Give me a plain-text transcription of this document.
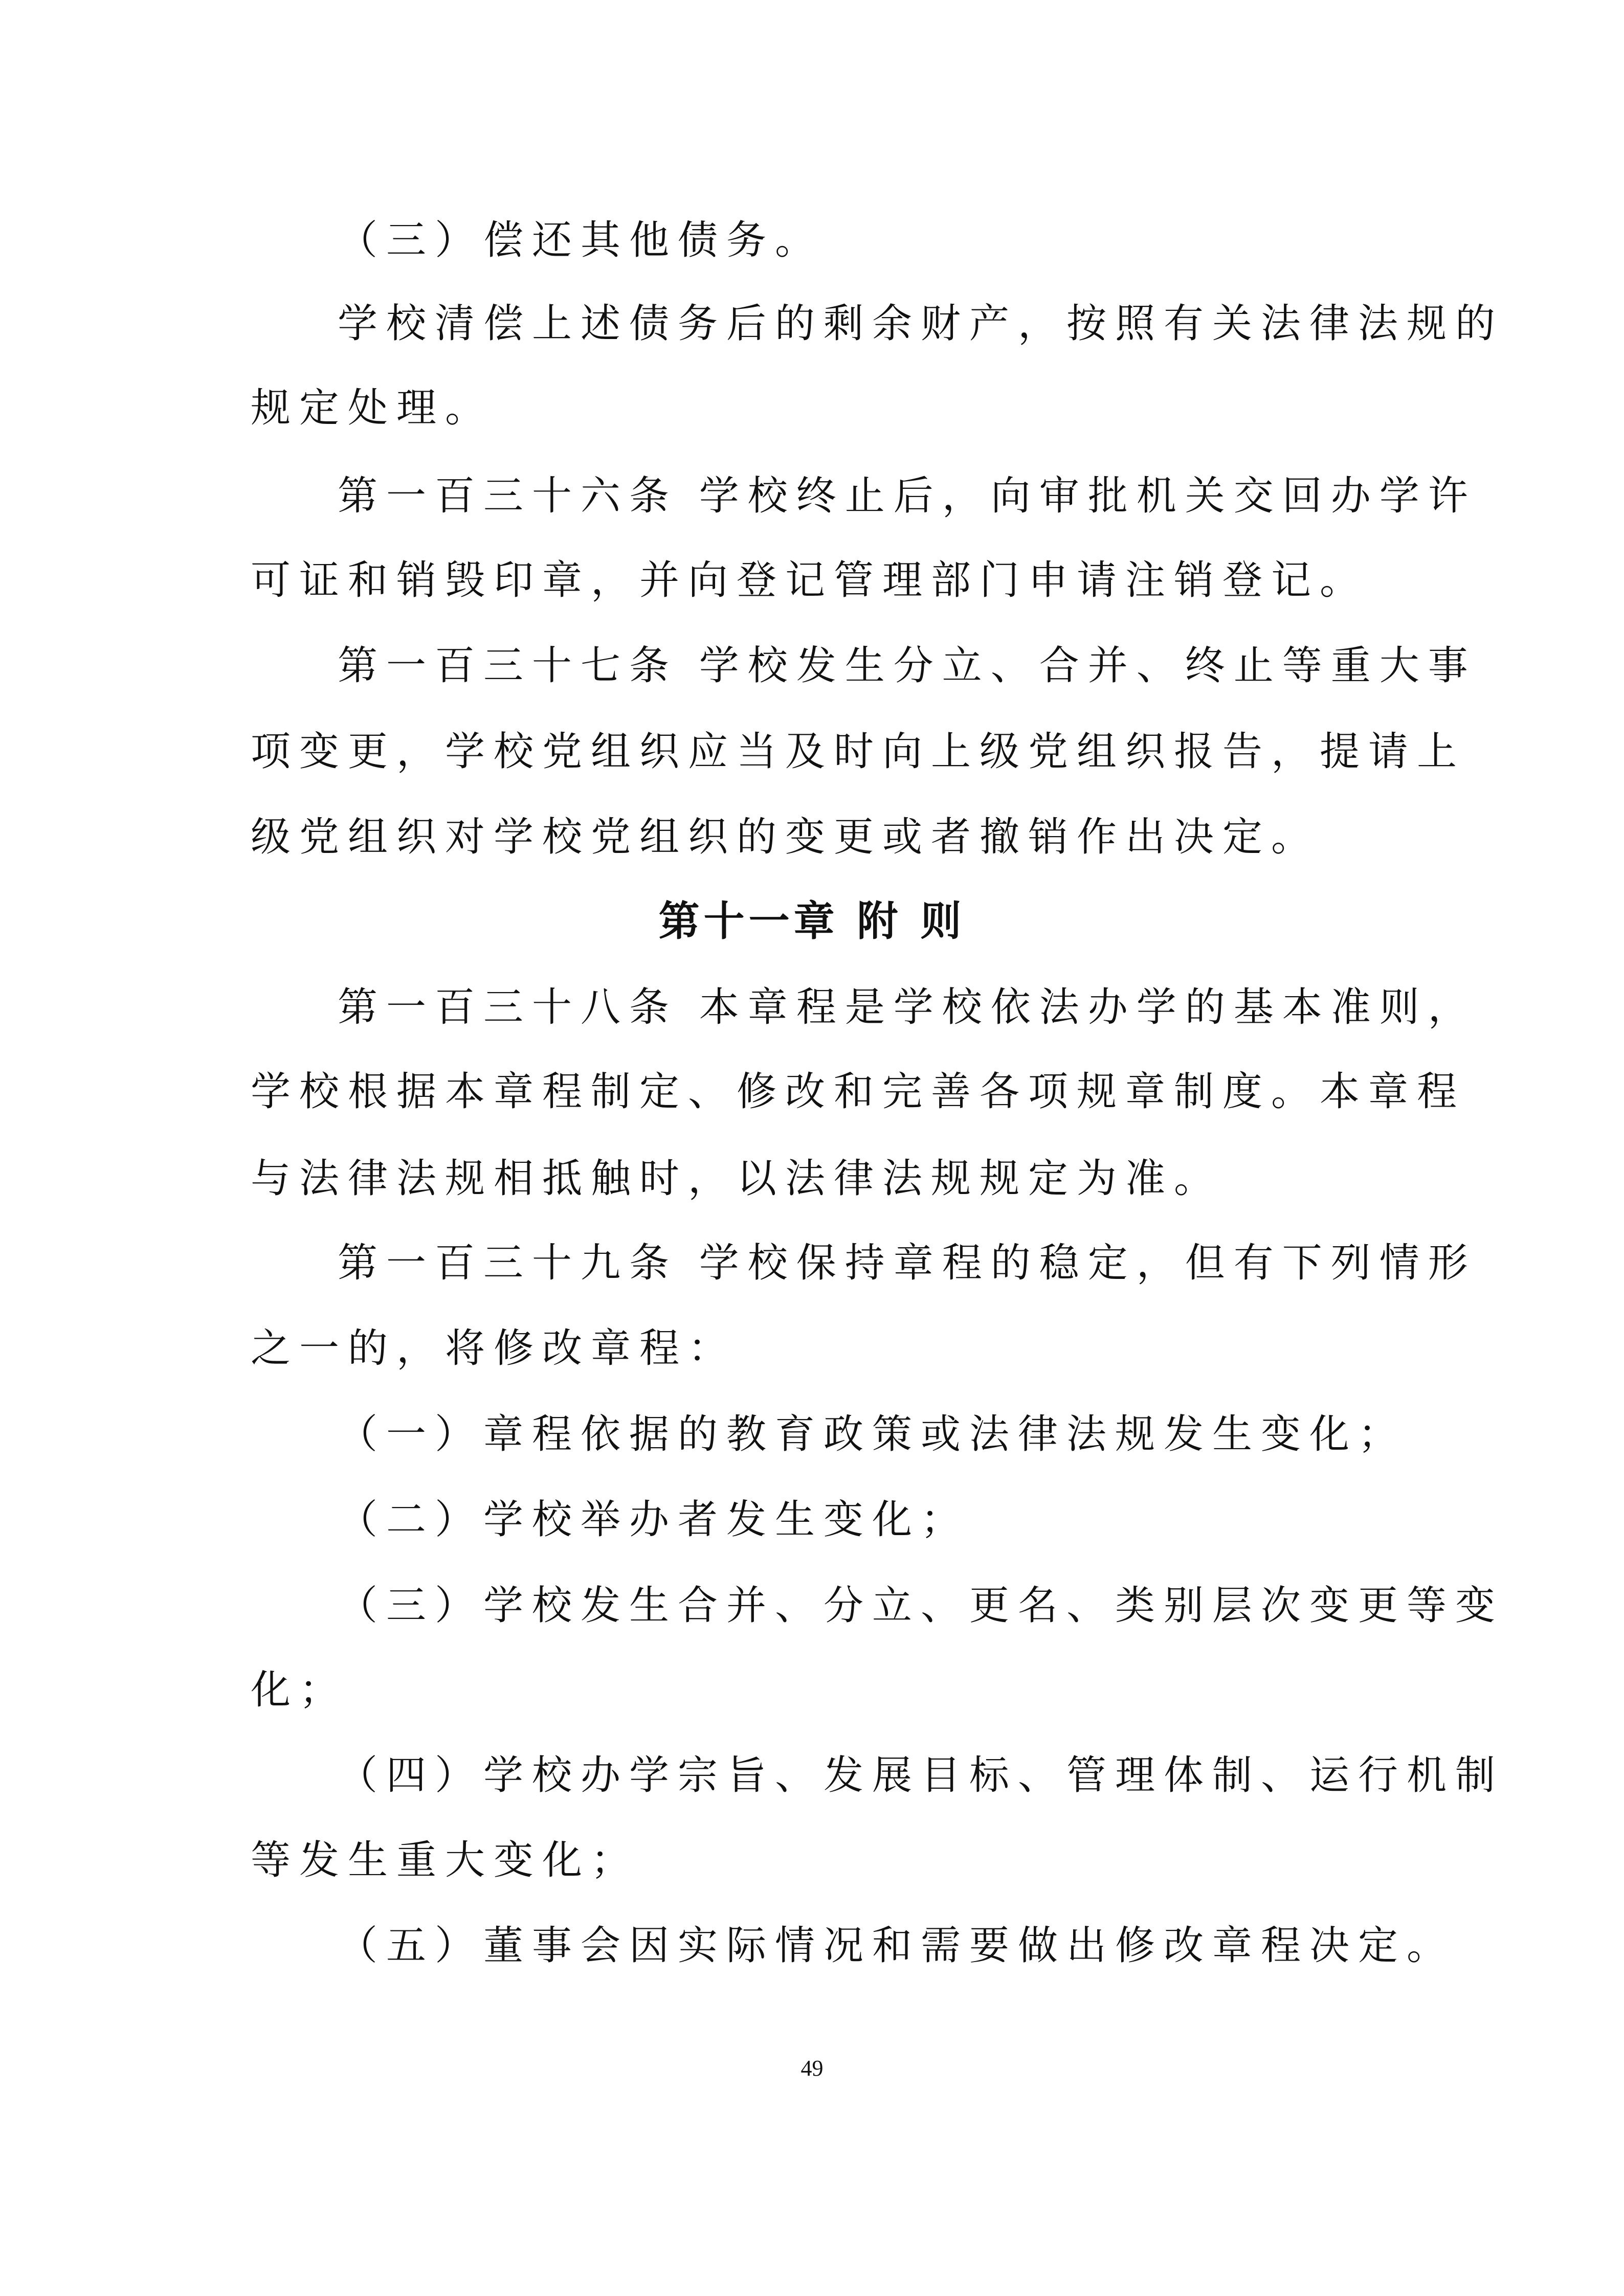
（三）偿还其他债务。
学校清偿上述债务后的剩余财产，按照有关法律法规的
规定处理。
第一百三十六条 学校终止后，向审批机关交回办学许
可证和销毁印章，并向登记管理部门申请注销登记。
第一百三十七条 学校发生分立、合并、终止等重大事
项变更，学校党组织应当及时向上级党组织报告，提请上
级党组织对学校党组织的变更或者撤销作出决定。
第十一章 附 则
第一百三十八条 本章程是学校依法办学的基本准则，
学校根据本章程制定、修改和完善各项规章制度。本章程
与法律法规相抵触时，以法律法规规定为准。
第一百三十九条 学校保持章程的稳定，但有下列情形
之一的，将修改章程：
（一）章程依据的教育政策或法律法规发生变化；
（二）学校举办者发生变化；
（三）学校发生合并、分立、更名、类别层次变更等变
化；
（四）学校办学宗旨、发展目标、管理体制、运行机制
等发生重大变化；
（五）董事会因实际情况和需要做出修改章程决定。
49
